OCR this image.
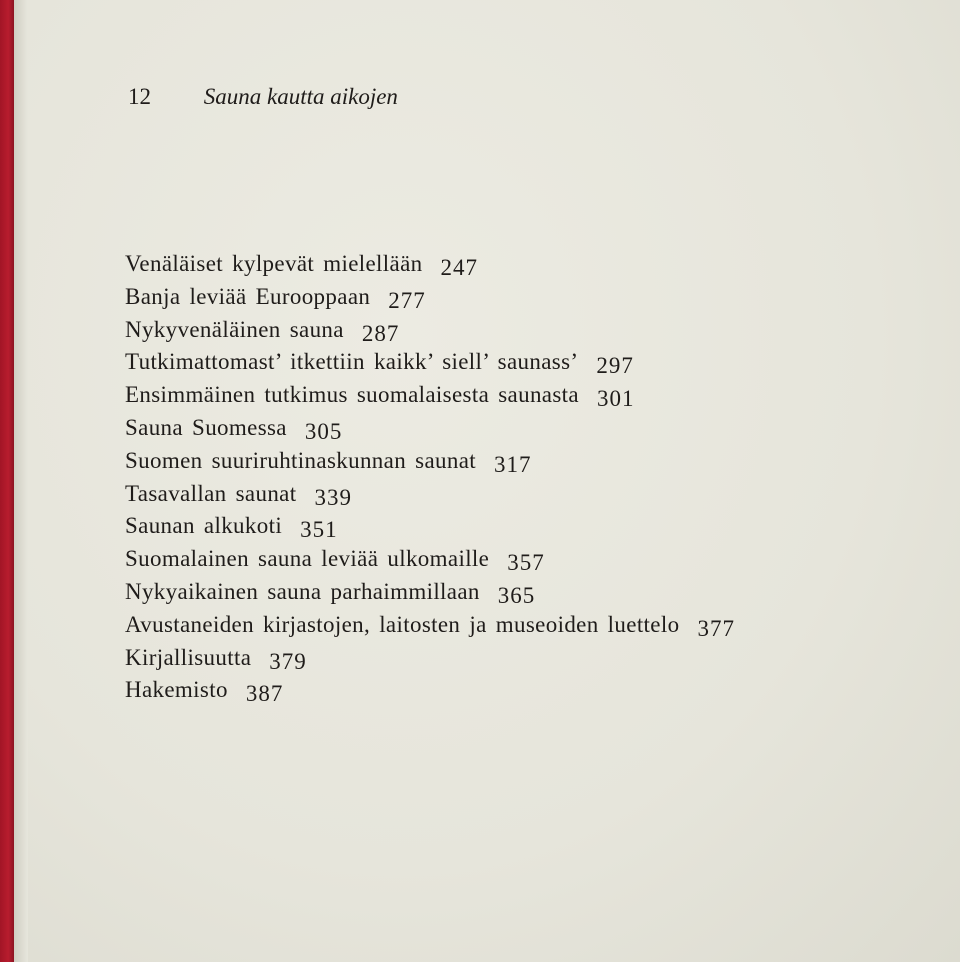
12 Sauna kautta aikojen
Venäläiset kylpevät mielellään 247
Banja leviää Eurooppaan 277
Nykyvenäläinen sauna 287
Tutkimattomast’ itkettiin kaikk’ siell’ saunass’ 297
Ensimmäinen tutkimus suomalaisesta saunasta 301
Sauna Suomessa 305
Suomen suuriruhtinaskunnan saunat 317
Tasavallan saunat 339
Saunan alkukoti 351
Suomalainen sauna leviää ulkomaille 357
Nykyaikainen sauna parhaimmillaan 365
Avustaneiden kirjastojen, laitosten ja museoiden luettelo 377
Kirjallisuutta 379
Hakemisto 387
